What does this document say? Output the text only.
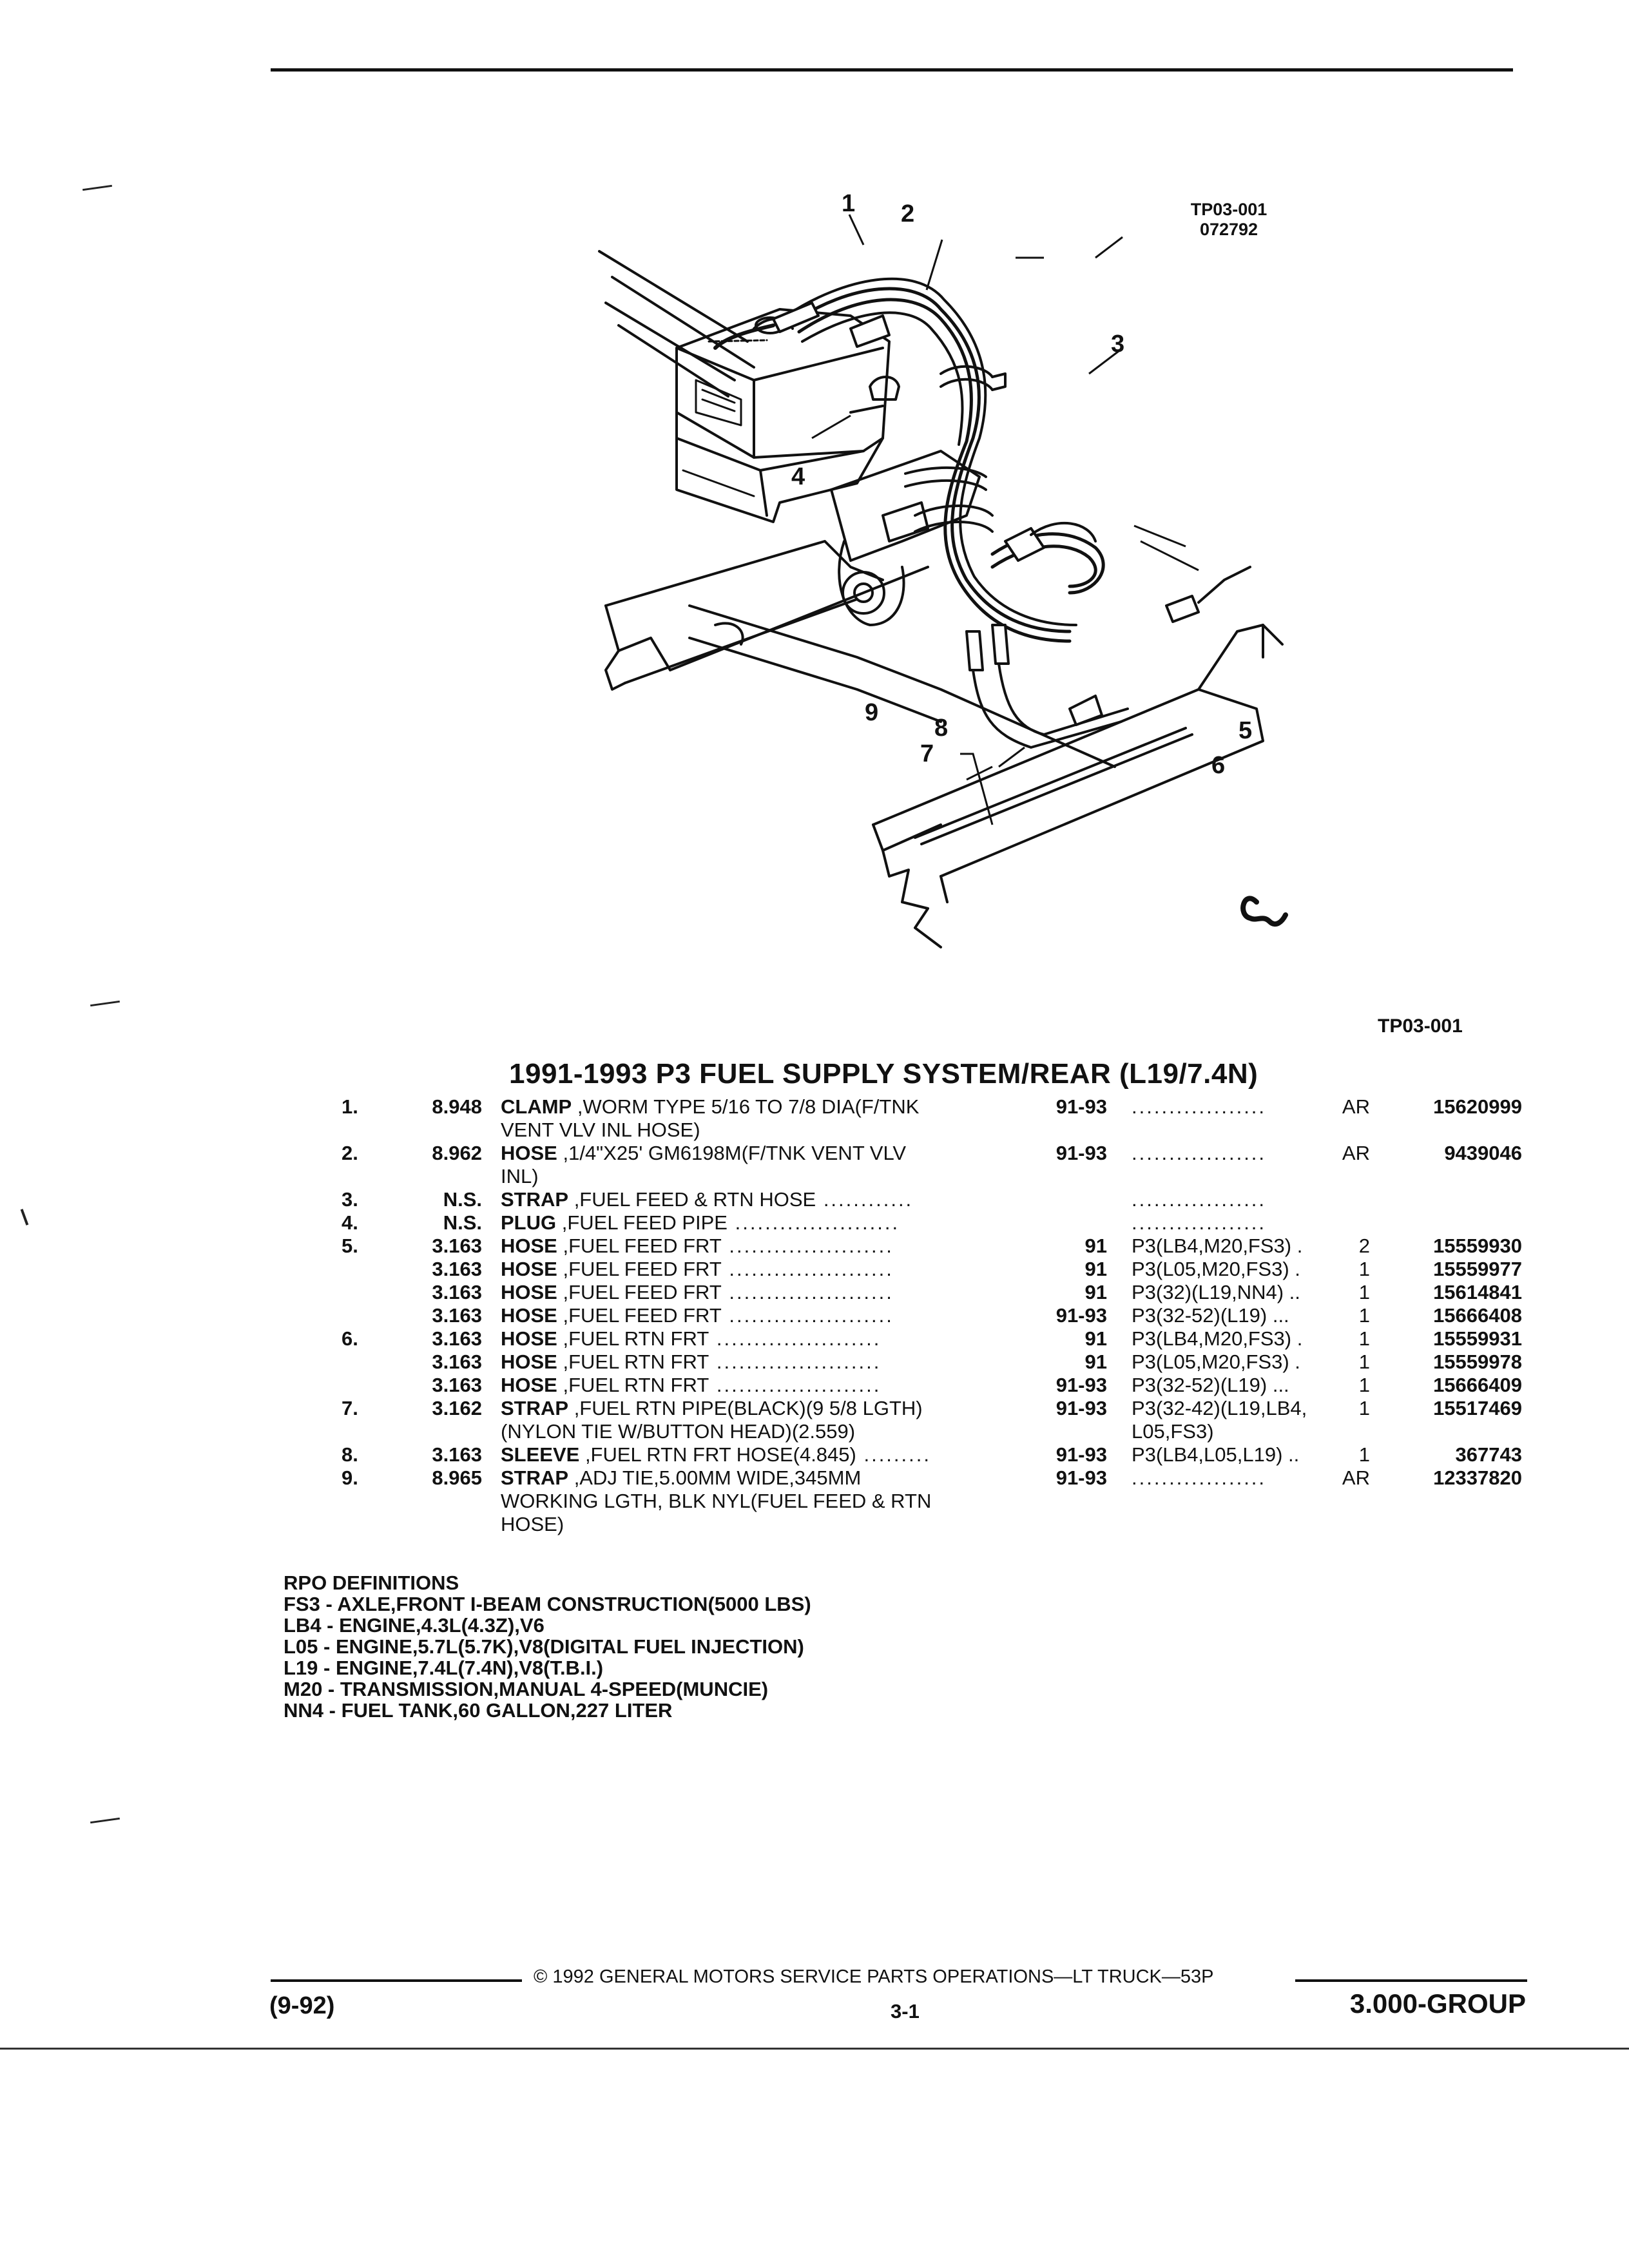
TP03-001
072792
1 2
3
4
5
6
7
8
9
TP03-001
1991-1993 P3 FUEL SUPPLY SYSTEM/REAR (L19/7.4N)
1.	8.948 CLAMP ,WORM TYPE 5/16 TO 7/8 DIA(F/TNK
VENT VLV INL HOSE)
91-93 ..................	AR	15620999
2.	8.962 HOSE ,1/4"X25' GM6198M(F/TNK VENT VLV
INL)
91-93 ..................	AR	9439046
3.	N.S. STRAP ,FUEL FEED & RTN HOSE ............	..................
4.	N.S. PLUG ,FUEL FEED PIPE ......................	..................
5.	3.163 HOSE ,FUEL FEED FRT ......................	91 P3(LB4,M20,FS3) .	2	15559930
3.163 HOSE ,FUEL FEED FRT ......................	91 P3(L05,M20,FS3) .	1	15559977
3.163 HOSE ,FUEL FEED FRT ......................	91 P3(32)(L19,NN4) ..	1	15614841
3.163 HOSE ,FUEL FEED FRT ......................	91-93 P3(32-52)(L19) ...	1	15666408
6.	3.163 HOSE ,FUEL RTN FRT ......................	91 P3(LB4,M20,FS3) .	1	15559931
3.163 HOSE ,FUEL RTN FRT ......................	91 P3(L05,M20,FS3) .	1	15559978
3.163 HOSE ,FUEL RTN FRT ......................	91-93 P3(32-52)(L19) ...	1	15666409
7.	3.162 STRAP ,FUEL RTN PIPE(BLACK)(9 5/8 LGTH)
(NYLON TIE W/BUTTON HEAD)(2.559)
91-93 P3(32-42)(L19,LB4,
L05,FS3)
1	15517469
8.	3.163 SLEEVE ,FUEL RTN FRT HOSE(4.845) .........	91-93 P3(LB4,L05,L19) ..	1	367743
9.	8.965 STRAP ,ADJ TIE,5.00MM WIDE,345MM
WORKING LGTH, BLK NYL(FUEL FEED & RTN
HOSE)
91-93 ..................	AR	12337820
RPO DEFINITIONS
FS3 - AXLE,FRONT I-BEAM CONSTRUCTION(5000 LBS)
LB4 - ENGINE,4.3L(4.3Z),V6
L05 - ENGINE,5.7L(5.7K),V8(DIGITAL FUEL INJECTION)
L19 - ENGINE,7.4L(7.4N),V8(T.B.I.)
M20 - TRANSMISSION,MANUAL 4-SPEED(MUNCIE)
NN4 - FUEL TANK,60 GALLON,227 LITER
© 1992 GENERAL MOTORS SERVICE PARTS OPERATIONS—LT TRUCK—53P
(9-92)	3-1	3.000-GROUP
